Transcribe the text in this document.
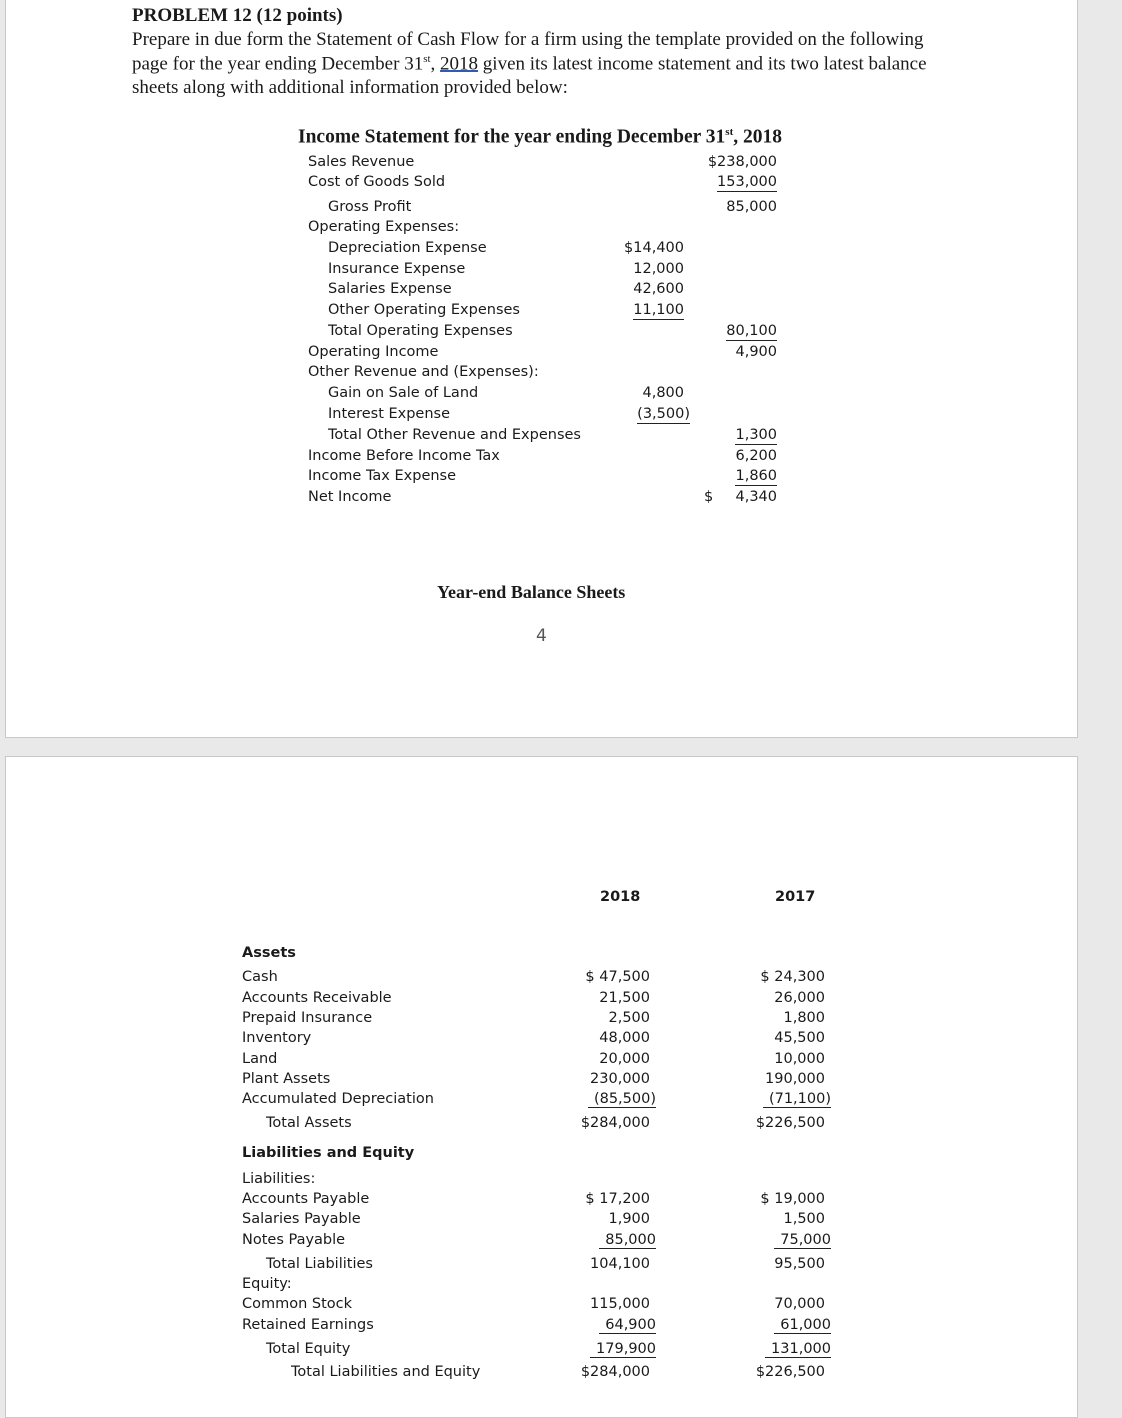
PROBLEM 12 (12 points)
Prepare in due form the Statement of Cash Flow for a firm using the template provided on the following
page for the year ending December 31st, 2018 given its latest income statement and its two latest balance
sheets along with additional information provided below:
Income Statement for the year ending December 31st, 2018
Sales Revenue	$238,000
Cost of Goods Sold	153,000
Gross Profit	85,000
Operating Expenses:
Depreciation Expense	$14,400
Insurance Expense	12,000
Salaries Expense	42,600
Other Operating Expenses	11,100
Total Operating Expenses	80,100
Operating Income	4,900
Other Revenue and (Expenses):
Gain on Sale of Land	4,800
Interest Expense	(3,500)
Total Other Revenue and Expenses	1,300
Income Before Income Tax	6,200
Income Tax Expense	1,860
Net Income	$ 4,340
Year-end Balance Sheets
4
2018	2017
Assets
Cash	$ 47,500	$ 24,300
Accounts Receivable	21,500	26,000
Prepaid Insurance	2,500	1,800
Inventory	48,000	45,500
Land	20,000	10,000
Plant Assets	230,000	190,000
Accumulated Depreciation	(85,500)	(71,100)
Total Assets	$284,000	$226,500
Liabilities and Equity
Liabilities:
Accounts Payable	$ 17,200	$ 19,000
Salaries Payable	1,900	1,500
Notes Payable	85,000	75,000
Total Liabilities	104,100	95,500
Equity:
Common Stock	115,000	70,000
Retained Earnings	64,900	61,000
Total Equity	179,900	131,000
Total Liabilities and Equity	$284,000	$226,500
